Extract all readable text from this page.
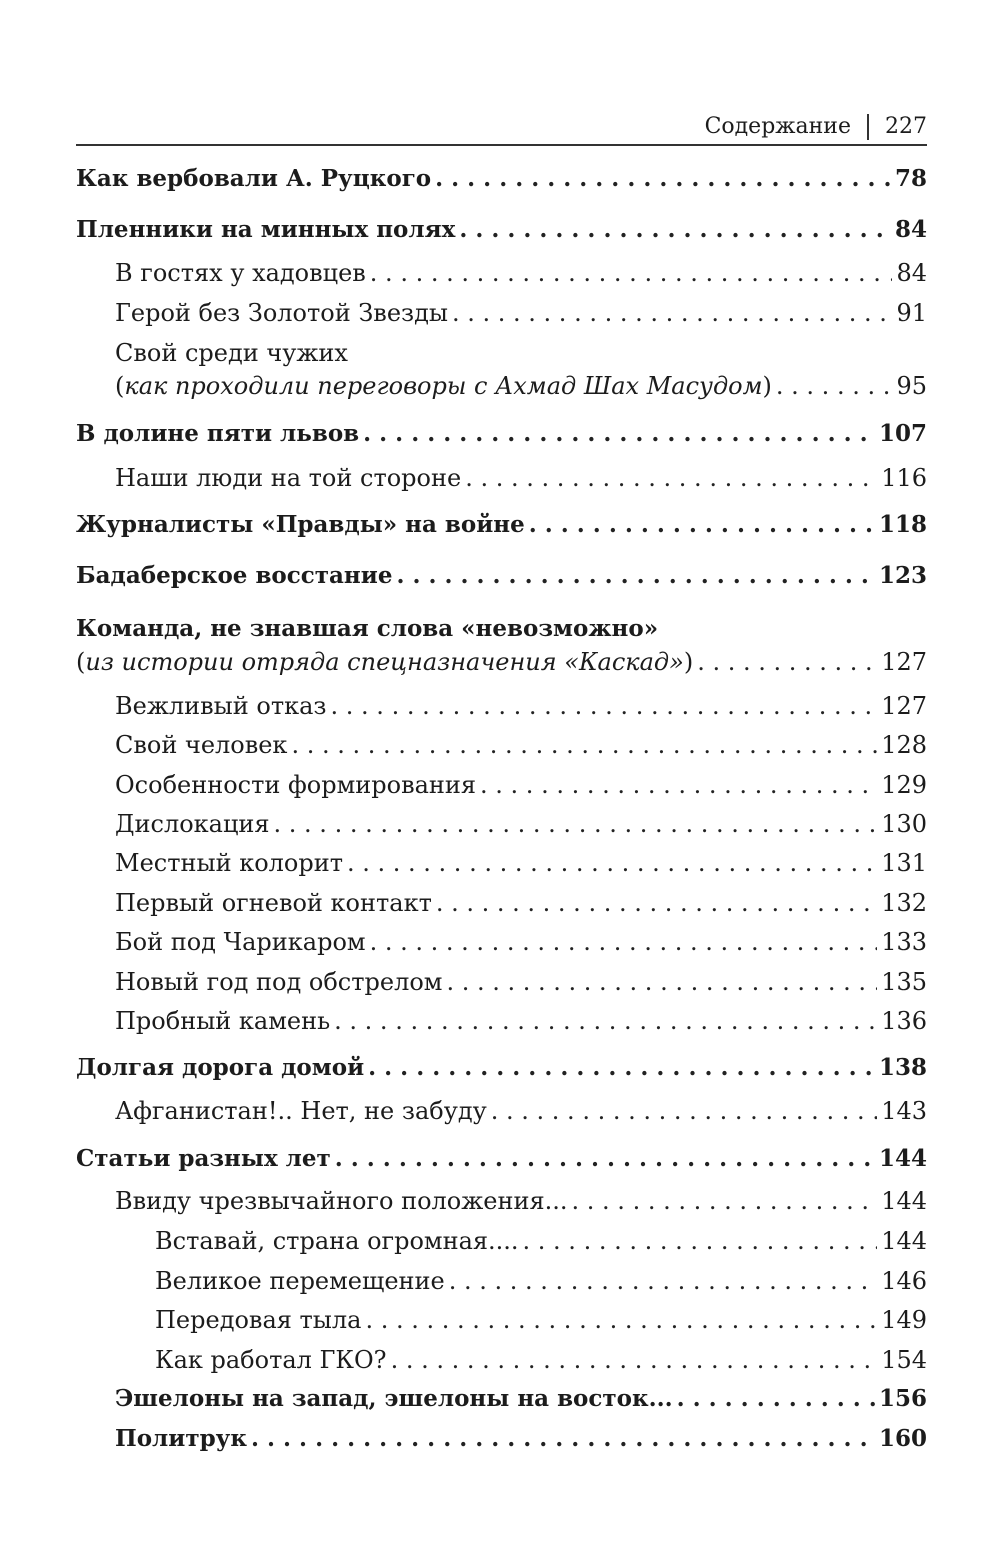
Содержание 227
Как вербовали А. Руцкого . . .	78
Пленники на минных полях . . .	84
В гостях у хадовцев . . .	84
Герой без Золотой Звезды . . .	91
Свой среди чужих
(как проходили переговоры с Ахмад Шах Масудом) . . .	95
В долине пяти львов . . .	107
Наши люди на той стороне . . .	116
Журналисты «Правды» на войне . . .	118
Бадаберское восстание . . .	123
Команда, не знавшая слова «невозможно»
(из истории отряда спецназначения «Каскад») . . .	127
Вежливый отказ . . .	127
Свой человек . . .	128
Особенности формирования . . .	129
Дислокация . . .	130
Местный колорит . . .	131
Первый огневой контакт . . .	132
Бой под Чарикаром . . .	133
Новый год под обстрелом . . .	135
Пробный камень . . .	136
Долгая дорога домой . . .	138
Афганистан!.. Нет, не забуду . . .	143
Статьи разных лет . . .	144
Ввиду чрезвычайного положения... . . .	144
Вставай, страна огромная.... . . .	144
Великое перемещение . . .	146
Передовая тыла . . .	149
Как работал ГКО? . . .	154
Эшелоны на запад, эшелоны на восток... . . .	156
Политрук . . .	160
